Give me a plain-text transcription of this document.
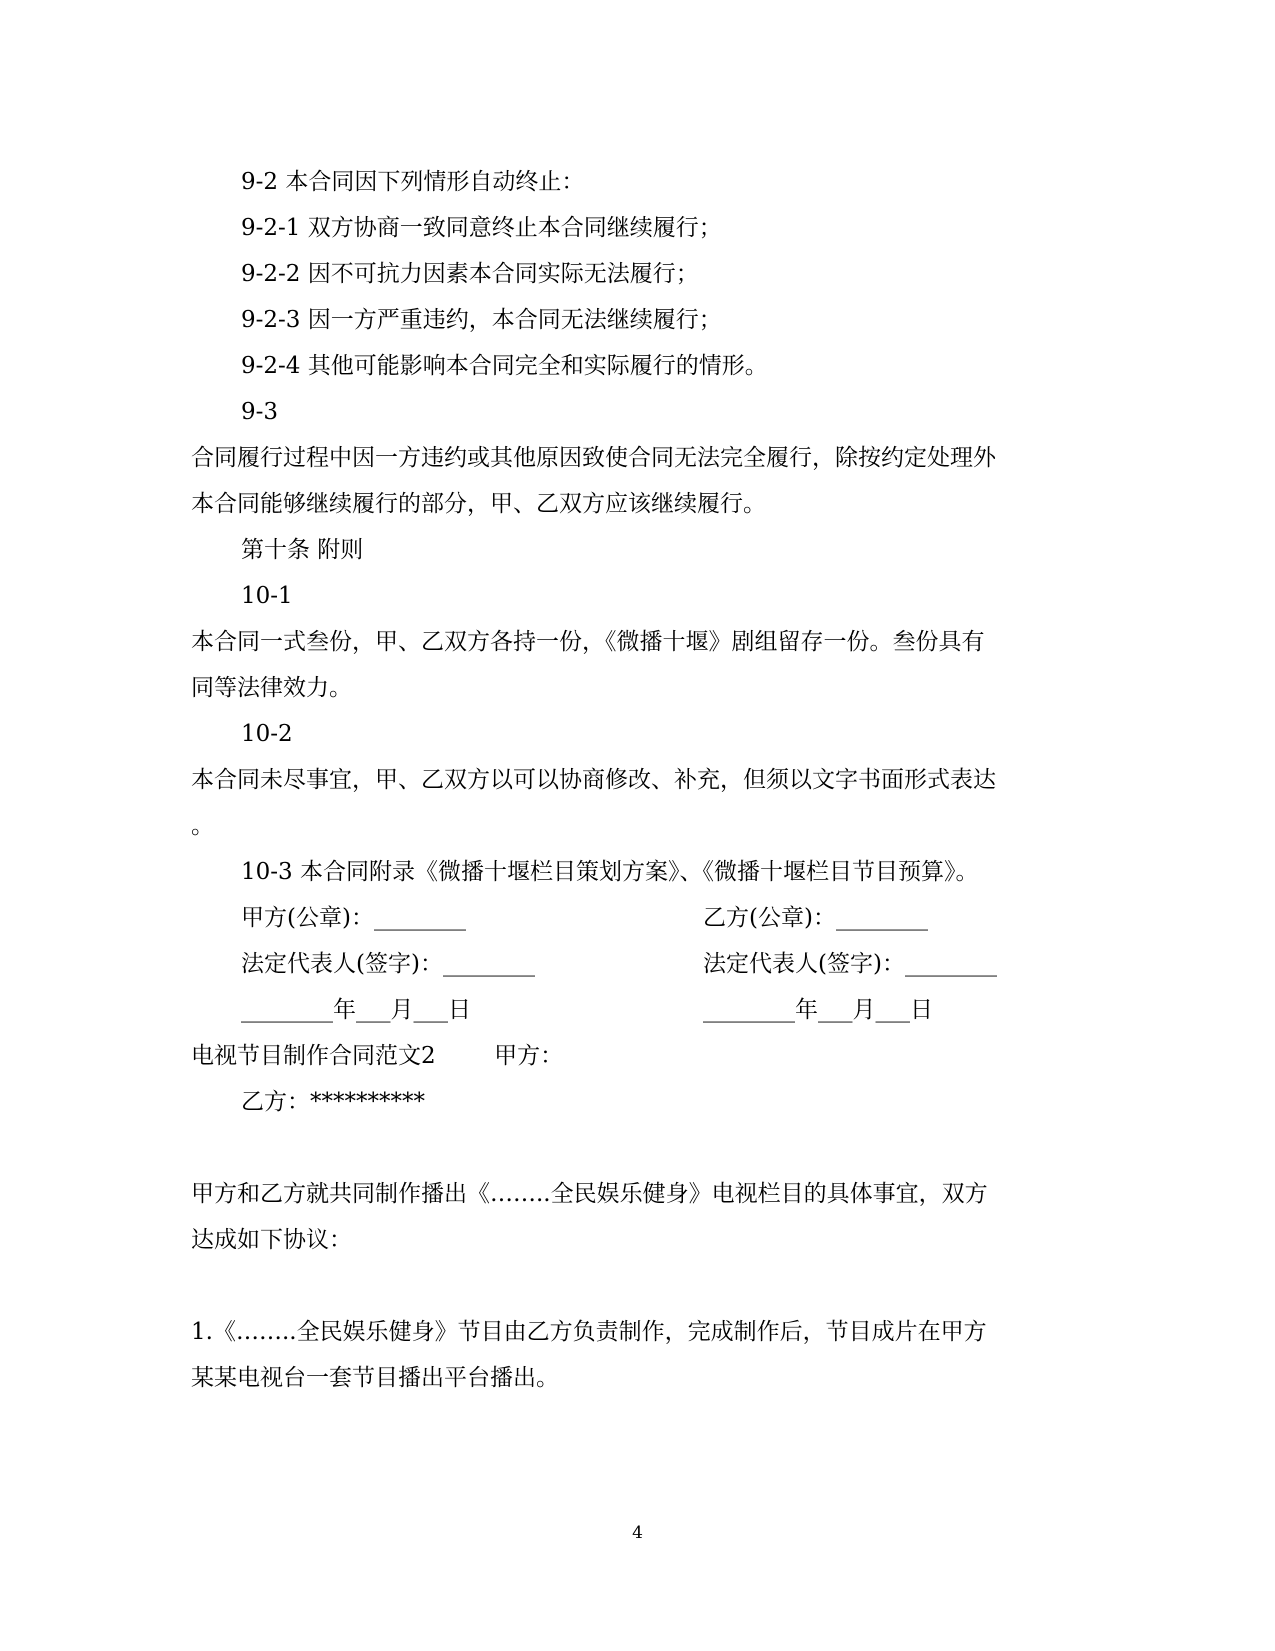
9-2 本合同因下列情形自动终止：
9-2-1 双方协商一致同意终止本合同继续履行；
9-2-2 因不可抗力因素本合同实际无法履行；
9-2-3 因一方严重违约，本合同无法继续履行；
9-2-4 其他可能影响本合同完全和实际履行的情形。
9-3
合同履行过程中因一方违约或其他原因致使合同无法完全履行，除按约定处理外
本合同能够继续履行的部分，甲、乙双方应该继续履行。
第十条 附则
10-1
本合同一式叁份，甲、乙双方各持一份，《微播十堰》剧组留存一份。叁份具有
同等法律效力。
10-2
本合同未尽事宜，甲、乙双方以可以协商修改、补充，但须以文字书面形式表达
。
10-3 本合同附录《微播十堰栏目策划方案》、《微播十堰栏目节目预算》。
甲方(公章)：________	乙方(公章)：________
法定代表人(签字)：________	法定代表人(签字)：________
________年___月___日	________年___月___日
电视节目制作合同范文2        甲方：
乙方：**********
甲方和乙方就共同制作播出《……..全民娱乐健身》电视栏目的具体事宜，双方
达成如下协议：
1.《……..全民娱乐健身》节目由乙方负责制作，完成制作后，节目成片在甲方
某某电视台一套节目播出平台播出。
4
